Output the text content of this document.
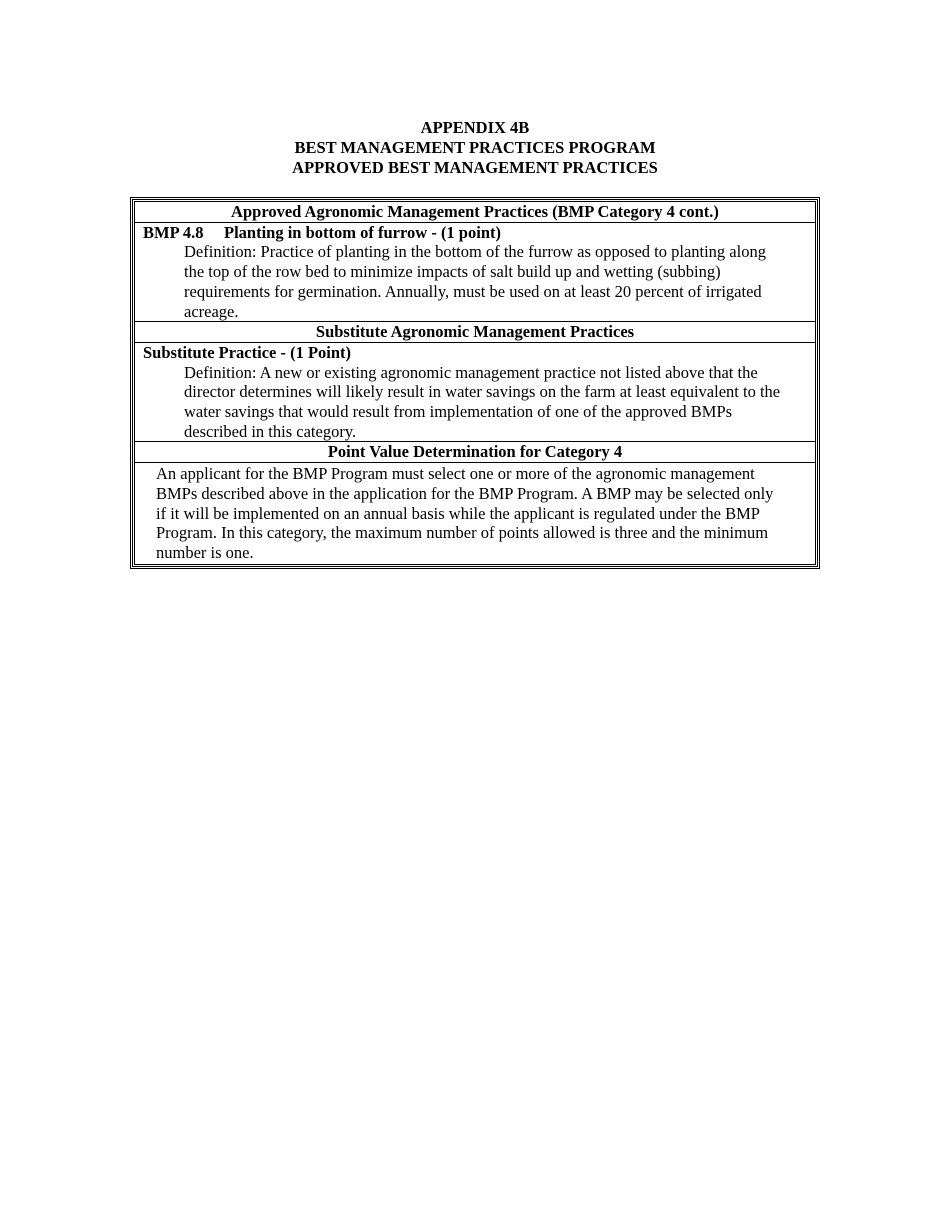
APPENDIX 4B
BEST MANAGEMENT PRACTICES PROGRAM
APPROVED BEST MANAGEMENT PRACTICES
Approved Agronomic Management Practices (BMP Category 4 cont.)
BMP 4.8 Planting in bottom of furrow - (1 point)
Definition: Practice of planting in the bottom of the furrow as opposed to planting along
the top of the row bed to minimize impacts of salt build up and wetting (subbing)
requirements for germination. Annually, must be used on at least 20 percent of irrigated
acreage.
Substitute Agronomic Management Practices
Substitute Practice - (1 Point)
Definition: A new or existing agronomic management practice not listed above that the
director determines will likely result in water savings on the farm at least equivalent to the
water savings that would result from implementation of one of the approved BMPs
described in this category.
Point Value Determination for Category 4
An applicant for the BMP Program must select one or more of the agronomic management
BMPs described above in the application for the BMP Program. A BMP may be selected only
if it will be implemented on an annual basis while the applicant is regulated under the BMP
Program. In this category, the maximum number of points allowed is three and the minimum
number is one.
